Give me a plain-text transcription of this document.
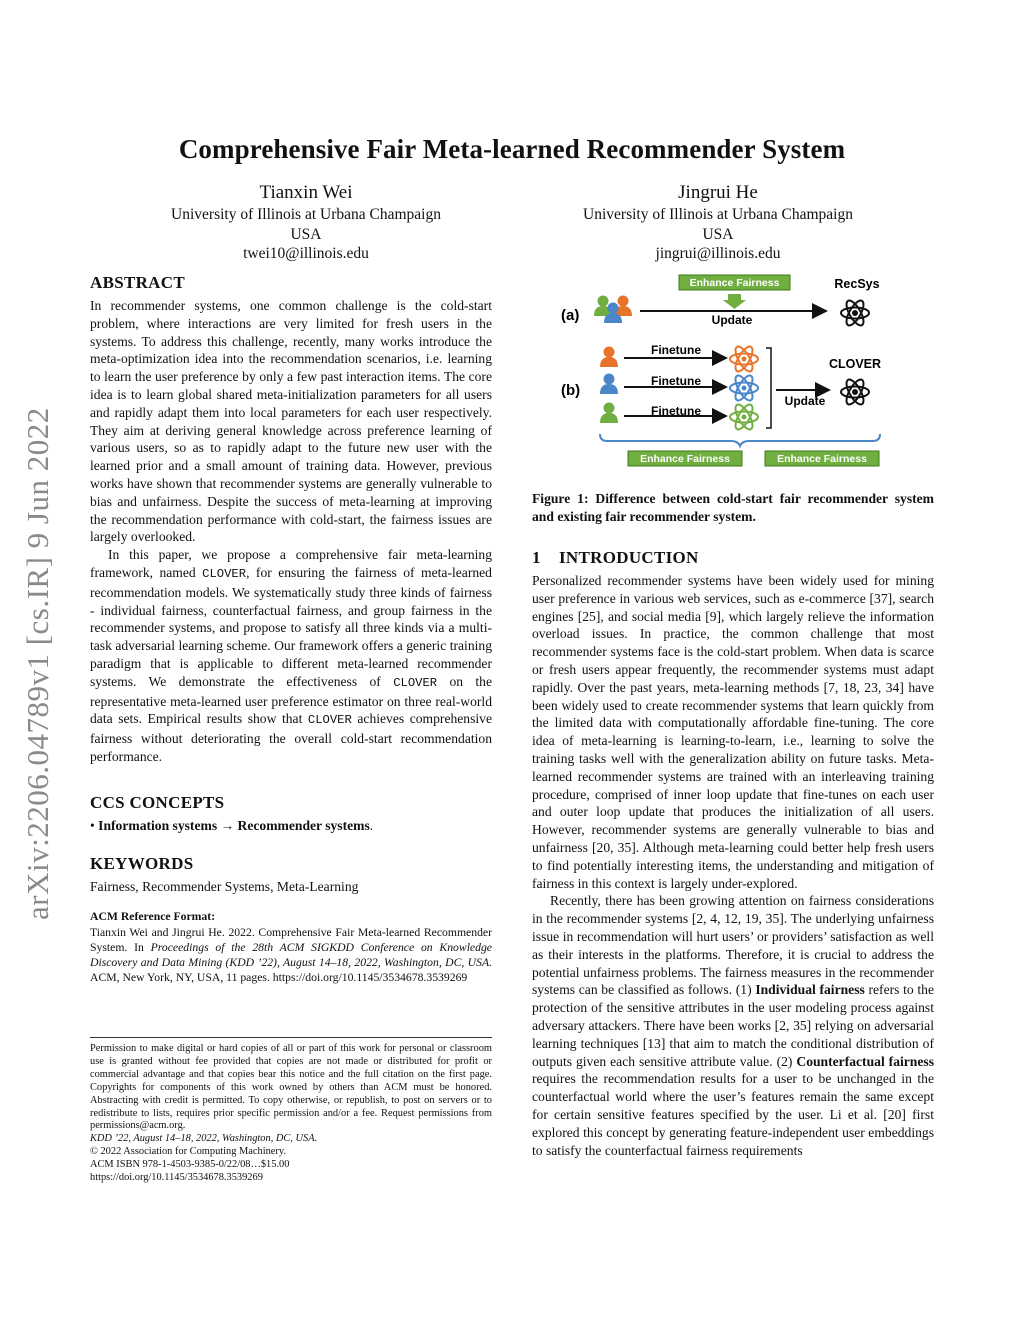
arXiv:2206.04789v1 [cs.IR] 9 Jun 2022
Comprehensive Fair Meta-learned Recommender System
Tianxin Wei
University of Illinois at Urbana Champaign
USA
twei10@illinois.edu
Jingrui He
University of Illinois at Urbana Champaign
USA
jingrui@illinois.edu
ABSTRACT

In recommender systems, one common challenge is the cold-start problem, where interactions are very limited for fresh users in the systems. To address this challenge, recently, many works introduce the meta-optimization idea into the recommendation scenarios, i.e. learning to learn the user preference by only a few past interaction items. The core idea is to learn global shared meta-initialization parameters for all users and rapidly adapt them into local parameters for each user respectively. They aim at deriving general knowledge across preference learning of various users, so as to rapidly adapt to the future new user with the learned prior and a small amount of training data. However, previous works have shown that recommender systems are generally vulnerable to bias and unfairness. Despite the success of meta-learning at improving the recommendation performance with cold-start, the fairness issues are largely overlooked.

In this paper, we propose a comprehensive fair meta-learning framework, named CLOVER, for ensuring the fairness of meta-learned recommendation models. We systematically study three kinds of fairness - individual fairness, counterfactual fairness, and group fairness in the recommender systems, and propose to satisfy all three kinds via a multi-task adversarial learning scheme. Our framework offers a generic training paradigm that is applicable to different meta-learned recommender systems. We demonstrate the effectiveness of CLOVER on the representative meta-learned user preference estimator on three real-world data sets. Empirical results show that CLOVER achieves comprehensive fairness without deteriorating the overall cold-start recommendation performance.

CCS CONCEPTS
• Information systems → Recommender systems.
KEYWORDS
Fairness, Recommender Systems, Meta-Learning
ACM Reference Format:
Tianxin Wei and Jingrui He. 2022. Comprehensive Fair Meta-learned Recommender System. In Proceedings of the 28th ACM SIGKDD Conference on Knowledge Discovery and Data Mining (KDD ’22), August 14–18, 2022, Washington, DC, USA. ACM, New York, NY, USA, 11 pages. https://doi.org/10.1145/3534678.3539269

Permission to make digital or hard copies of all or part of this work for personal or classroom use is granted without fee provided that copies are not made or distributed for profit or commercial advantage and that copies bear this notice and the full citation on the first page. Copyrights for components of this work owned by others than ACM must be honored. Abstracting with credit is permitted. To copy otherwise, or republish, to post on servers or to redistribute to lists, requires prior specific permission and/or a fee. Request permissions from permissions@acm.org.

KDD ’22, August 14–18, 2022, Washington, DC, USA.

© 2022 Association for Computing Machinery.

ACM ISBN 978-1-4503-9385-0/22/08…$15.00

https://doi.org/10.1145/3534678.3539269

(a)
Enhance Fairness
Update
RecSys
(b)
Finetune
Finetune
Finetune
Update
CLOVER
Enhance Fairness	Enhance Fairness
Figure 1: Difference between cold-start fair recommender system and existing fair recommender system.
1 INTRODUCTION

Personalized recommender systems have been widely used for mining user preference in various web services, such as e-commerce [37], search engines [25], and social media [9], which largely relieve the information overload issues. In practice, the common challenge that most recommender systems face is the cold-start problem. When data is scarce or fresh users appear frequently, the recommender systems must adapt rapidly. Over the past years, meta-learning methods [7, 18, 23, 34] have been widely used to create recommender systems that learn quickly from the limited data with computationally affordable fine-tuning. The core idea of meta-learning is learning-to-learn, i.e., learning to solve the training tasks well with the generalization ability on future tasks. Meta-learned recommender systems are trained with an interleaving training procedure, comprised of inner loop update that fine-tunes on each user and outer loop update that produces the initialization of all users. However, recommender systems are generally vulnerable to bias and unfairness [20, 35]. Although meta-learning could better help fresh users to find potentially interesting items, the understanding and mitigation of fairness in this context is largely under-explored.

Recently, there has been growing attention on fairness considerations in the recommender systems [2, 4, 12, 19, 35]. The underlying unfairness issue in recommendation will hurt users’ or providers’ satisfaction as well as their interests in the platforms. Therefore, it is crucial to address the potential unfairness problems. The fairness measures in the recommender systems can be classified as follows. (1) Individual fairness refers to the protection of the sensitive attributes in the user modeling process against adversary attackers. There have been works [2, 35] relying on adversarial learning techniques [13] that aim to match the conditional distribution of outputs given each sensitive attribute value. (2) Counterfactual fairness requires the recommendation results for a user to be unchanged in the counterfactual world where the user’s features remain the same except for certain sensitive features specified by the user. Li et al. [20] first explored this concept by generating feature-independent user embeddings to satisfy the counterfactual fairness requirements
